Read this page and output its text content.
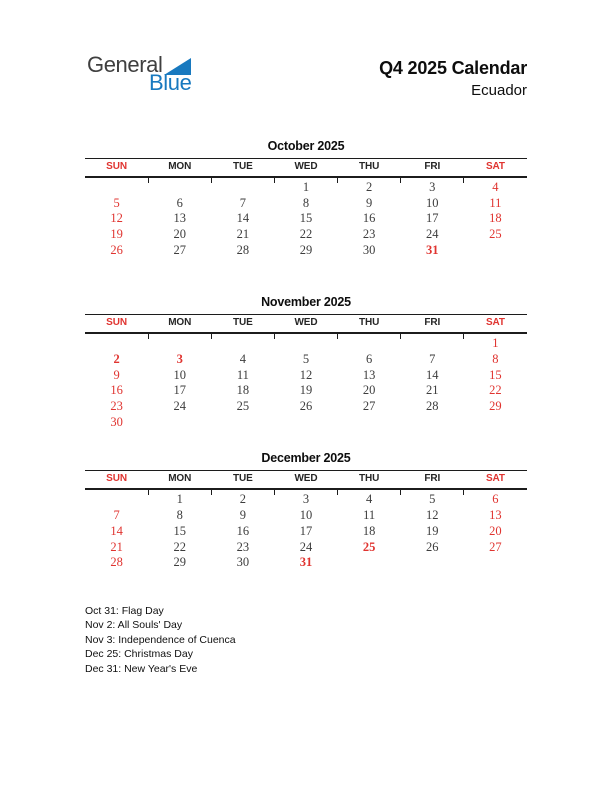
General
Blue
Q4 2025 Calendar
Ecuador
October 2025
SUN	MON	TUE	WED	THU	FRI	SAT
			1	2	3	4
5	6	7	8	9	10	11
12	13	14	15	16	17	18
19	20	21	22	23	24	25
26	27	28	29	30	31	

November 2025
SUN	MON	TUE	WED	THU	FRI	SAT
						1
2	3	4	5	6	7	8
9	10	11	12	13	14	15
16	17	18	19	20	21	22
23	24	25	26	27	28	29
30						
December 2025
SUN	MON	TUE	WED	THU	FRI	SAT
	1	2	3	4	5	6
7	8	9	10	11	12	13
14	15	16	17	18	19	20
21	22	23	24	25	26	27
28	29	30	31			

Oct 31: Flag Day
Nov 2: All Souls' Day
Nov 3: Independence of Cuenca
Dec 25: Christmas Day
Dec 31: New Year's Eve
